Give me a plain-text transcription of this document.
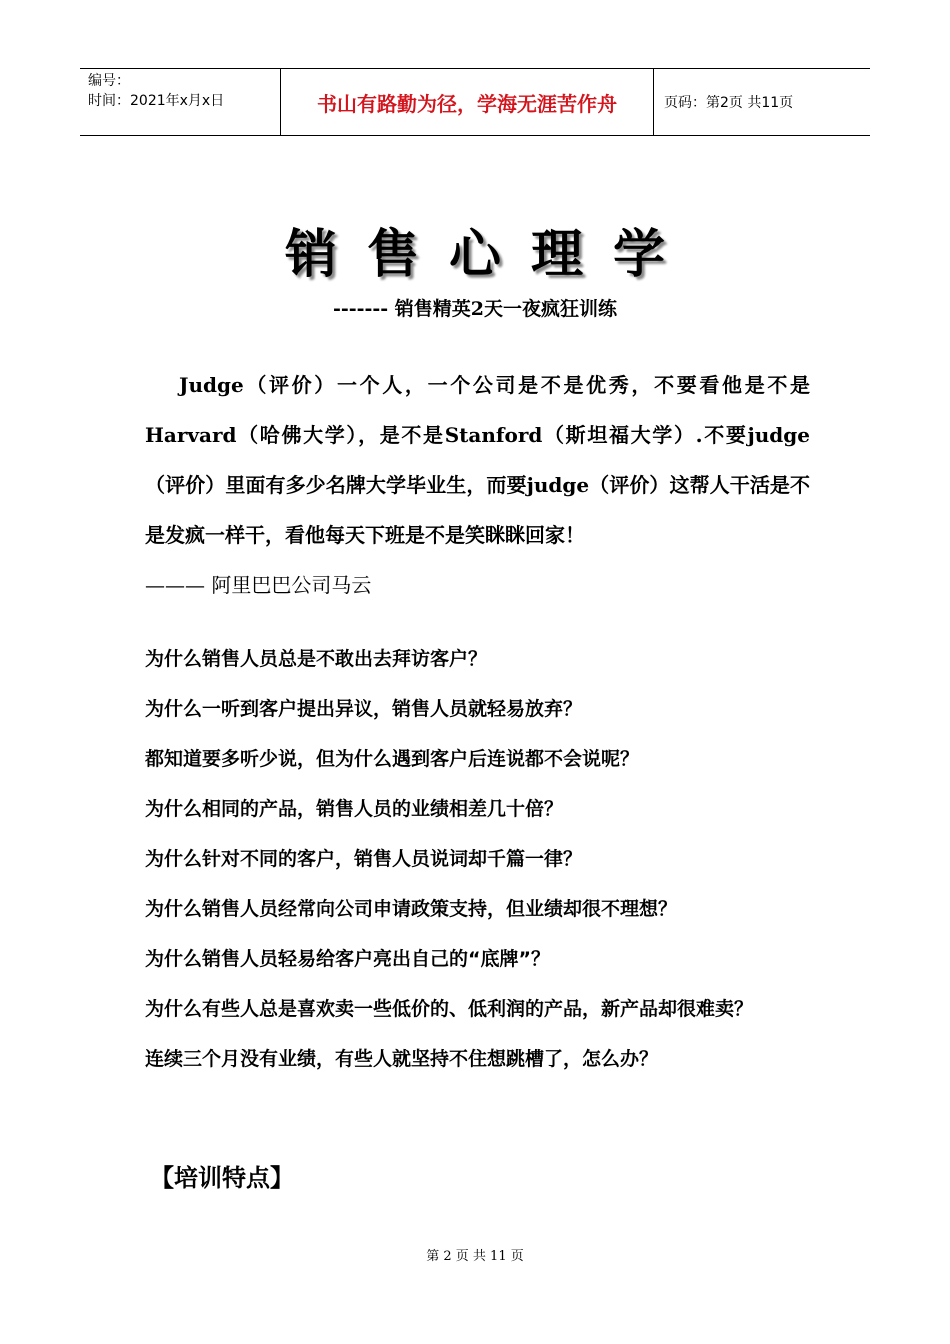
编号：
时间：2021年x月x日	书山有路勤为径，学海无涯苦作舟	页码：第2页 共11页
销售心理学
------- 销售精英2天一夜疯狂训练

Judge（评价）一个人，一个公司是不是优秀，不要看他是不是Harvard（哈佛大学），是不是Stanford（斯坦福大学）.不要judge（评价）里面有多少名牌大学毕业生，而要judge（评价）这帮人干活是不是发疯一样干，看他每天下班是不是笑眯眯回家！

——— 阿里巴巴公司马云

为什么销售人员总是不敢出去拜访客户？
为什么一听到客户提出异议，销售人员就轻易放弃？
都知道要多听少说，但为什么遇到客户后连说都不会说呢？
为什么相同的产品，销售人员的业绩相差几十倍？
为什么针对不同的客户，销售人员说词却千篇一律？
为什么销售人员经常向公司申请政策支持，但业绩却很不理想？
为什么销售人员轻易给客户亮出自己的“底牌”？
为什么有些人总是喜欢卖一些低价的、低利润的产品，新产品却很难卖？
连续三个月没有业绩，有些人就坚持不住想跳槽了，怎么办？
【培训特点】
第 2 页 共 11 页
